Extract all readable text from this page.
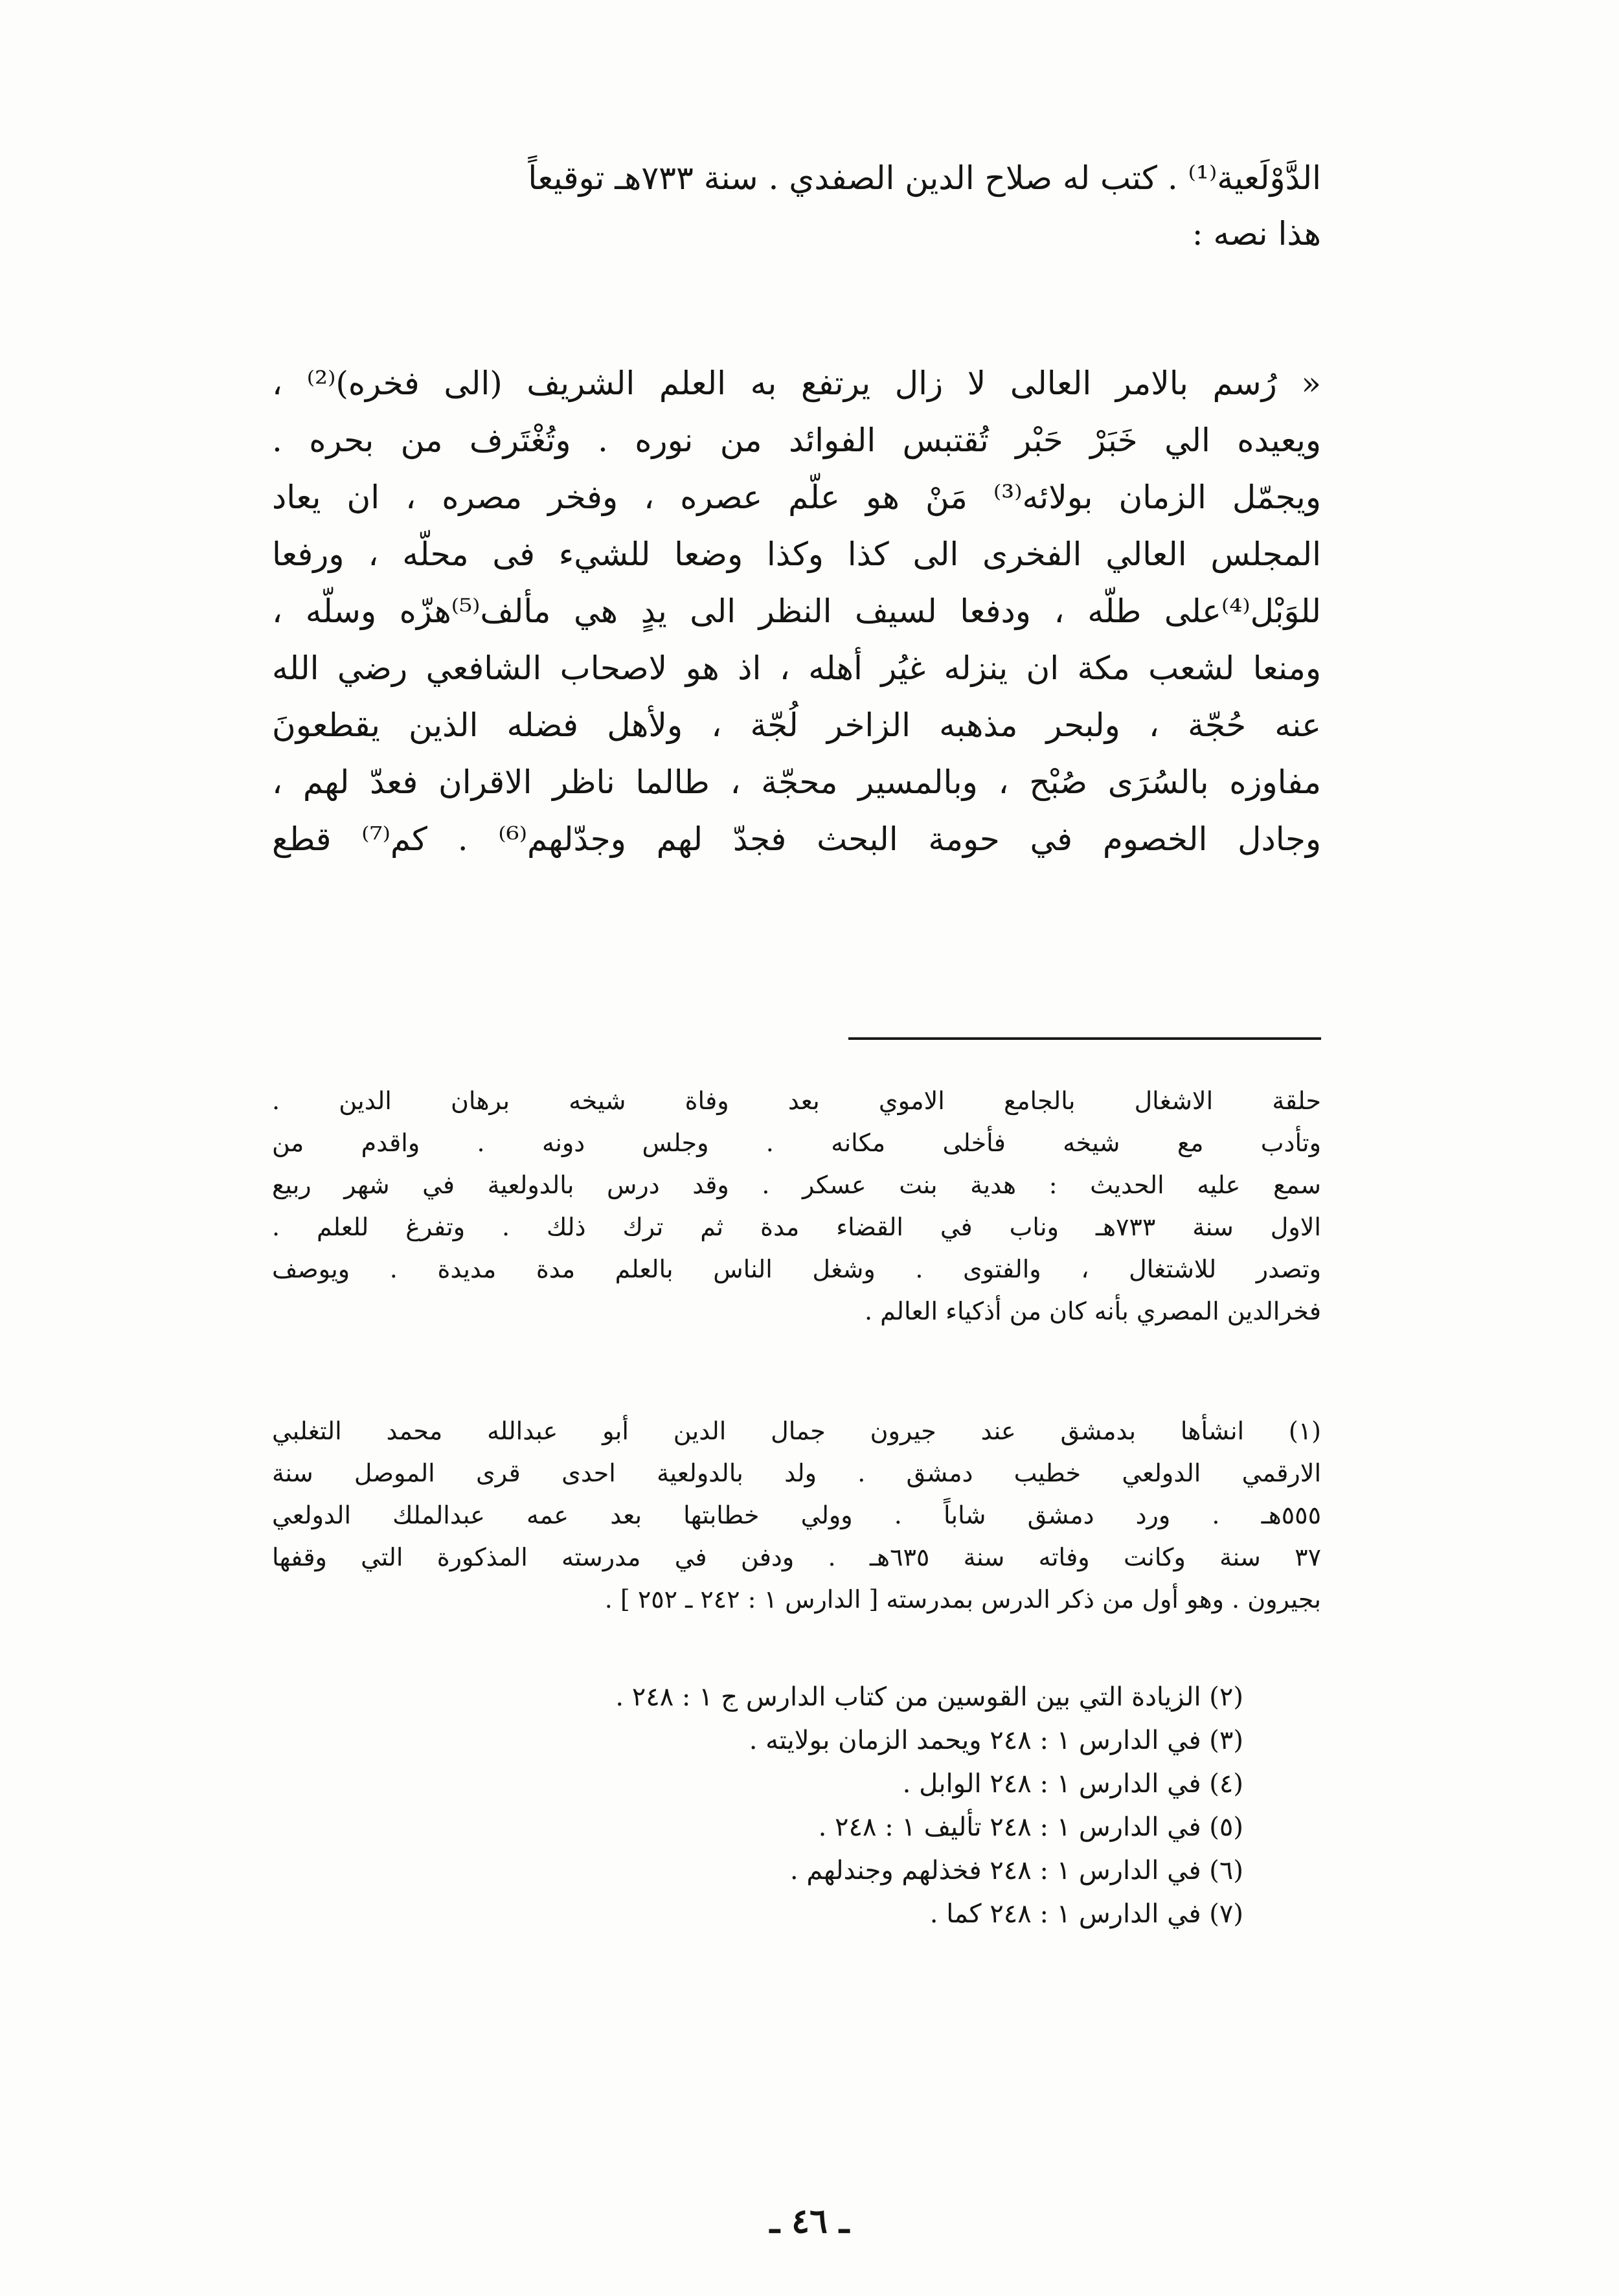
الدَّوْلَعية⁽¹⁾ . كتب له صلاح الدين الصفدي . سنة ٧٣٣هـ توقيعاً
هذا نصه :
« رُسم بالامر العالى لا زال يرتفع به العلم الشريف (الى فخره)⁽²⁾ ،
ويعيده الي خَبَرْ حَبْر تُقتبس الفوائد من نوره . وتُغْتَرف من بحره .
ويجمّل الزمان بولائه⁽³⁾ مَنْ هو علّم عصره ، وفخر مصره ، ان يعاد
المجلس العالي الفخرى الى كذا وكذا وضعا للشيء فى محلّه ، ورفعا
للوَبْل⁽⁴⁾على طلّه ، ودفعا لسيف النظر الى يدٍ هي مألف⁽⁵⁾هزّه وسلّه ،
ومنعا لشعب مكة ان ينزله غيُر أهله ، اذ هو لاصحاب الشافعي رضي الله
عنه حُجّة ، ولبحر مذهبه الزاخر لُجّة ، ولأهل فضله الذين يقطعونَ
مفاوزه بالسُرَى صُبْح ، وبالمسير محجّة ، طالما ناظر الاقران فعدّ لهم ،
وجادل الخصوم في حومة البحث فجدّ لهم وجدّلهم⁽⁶⁾ . كم⁽⁷⁾ قطع
حلقة الاشغال بالجامع الاموي بعد وفاة شيخه برهان الدين .
وتأدب مع شيخه فأخلى مكانه . وجلس دونه . واقدم من
سمع عليه الحديث : هدية بنت عسكر . وقد درس بالدولعية في شهر ربيع
الاول سنة ٧٣٣هـ وناب في القضاء مدة ثم ترك ذلك . وتفرغ للعلم .
وتصدر للاشتغال ، والفتوى . وشغل الناس بالعلم مدة مديدة . ويوصف
فخرالدين المصري بأنه كان من أذكياء العالم .
(١) انشأها بدمشق عند جيرون جمال الدين أبو عبدالله محمد التغلبي
الارقمي الدولعي خطيب دمشق . ولد بالدولعية احدى قرى الموصل سنة
٥٥٥هـ . ورد دمشق شاباً . وولي خطابتها بعد عمه عبدالملك الدولعي
٣٧ سنة وكانت وفاته سنة ٦٣٥هـ . ودفن في مدرسته المذكورة التي وقفها
بجيرون . وهو أول من ذكر الدرس بمدرسته [ الدارس ١ : ٢٤٢ ـ ٢٥٢ ] .
(٢) الزيادة التي بين القوسين من كتاب الدارس ج ١ : ٢٤٨ .
(٣) في الدارس ١ : ٢٤٨ ويحمد الزمان بولايته .
(٤) في الدارس ١ : ٢٤٨ الوابل .
(٥) في الدارس ١ : ٢٤٨ تأليف ١ : ٢٤٨ .
(٦) في الدارس ١ : ٢٤٨ فخذلهم وجندلهم .
(٧) في الدارس ١ : ٢٤٨ كما .
ـ ٤٦ ـ
